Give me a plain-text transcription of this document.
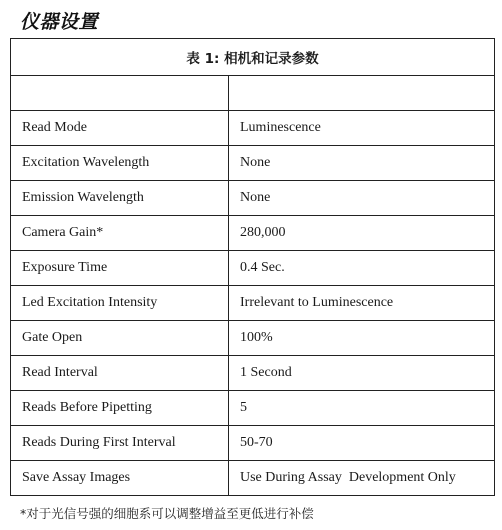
仪器设置
表 1: 相机和记录参数	

Read Mode	Luminescence
Excitation Wavelength	None
Emission Wavelength	None
Camera Gain*	280,000
Exposure Time	0.4 Sec.
Led Excitation Intensity	Irrelevant to Luminescence
Gate Open	100%
Read Interval	1 Second
Reads Before Pipetting	5
Reads During First Interval	50-70
Save Assay Images	Use During Assay  Development Only
*对于光信号强的细胞系可以调整增益至更低进行补偿
